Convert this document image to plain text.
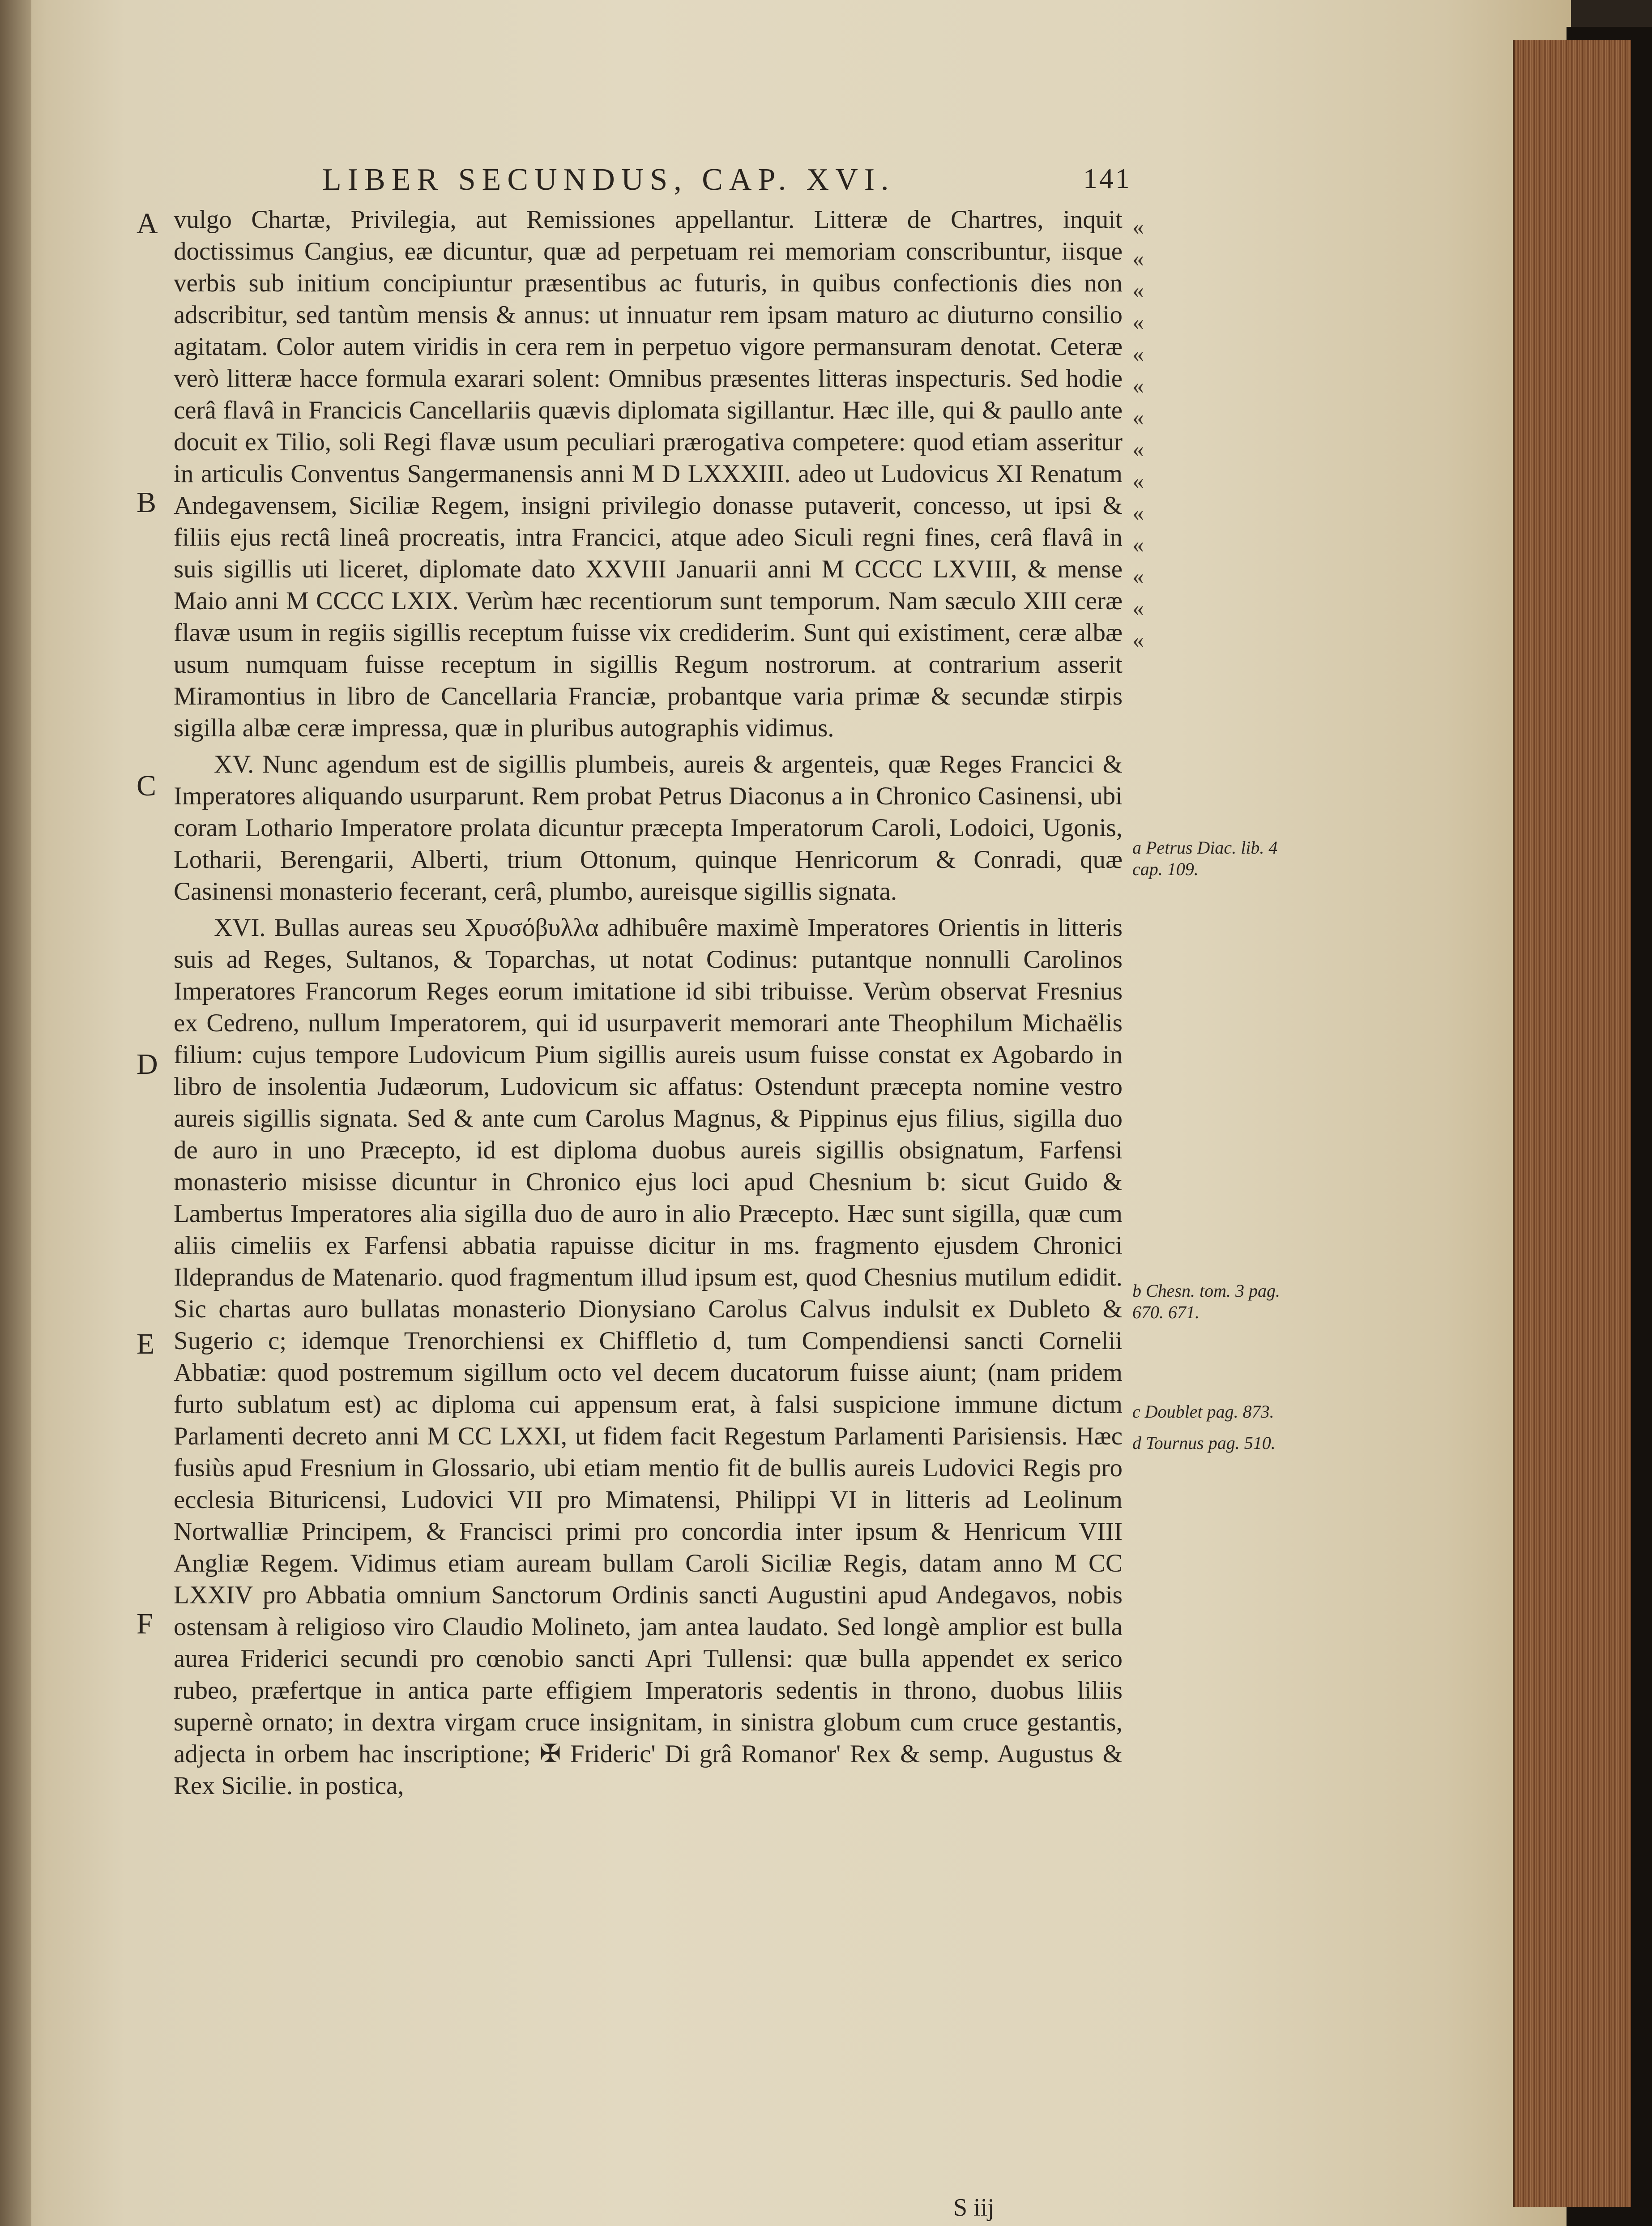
LIBER SECUNDUS, CAP. XVI.	141
A
B
C
D
E
F
«
«
«
«
«
«
«
«
«
«
«
«
«
«

vulgo Chartæ, Privilegia, aut Remissiones appellantur. Litteræ de Chartres, inquit doctissimus Cangius, eæ dicuntur, quæ ad perpetuam rei memoriam conscribuntur, iisque verbis sub initium concipiuntur præsentibus ac futuris, in quibus confectionis dies non adscribitur, sed tantùm mensis & annus: ut innuatur rem ipsam maturo ac diuturno consilio agitatam. Color autem viridis in cera rem in perpetuo vigore permansuram denotat. Ceteræ verò litteræ hacce formula exarari solent: Omnibus præsentes litteras inspecturis. Sed hodie cerâ flavâ in Francicis Cancellariis quævis diplomata sigillantur. Hæc ille, qui & paullo ante docuit ex Tilio, soli Regi flavæ usum peculiari prærogativa competere: quod etiam asseritur in articulis Conventus Sangermanensis anni M D LXXXIII. adeo ut Ludovicus XI Renatum Andegavensem, Siciliæ Regem, insigni privilegio donasse putaverit, concesso, ut ipsi & filiis ejus rectâ lineâ procreatis, intra Francici, atque adeo Siculi regni fines, cerâ flavâ in suis sigillis uti liceret, diplomate dato XXVIII Januarii anni M CCCC LXVIII, & mense Maio anni M CCCC LXIX. Verùm hæc recentiorum sunt temporum. Nam sæculo XIII ceræ flavæ usum in regiis sigillis receptum fuisse vix crediderim. Sunt qui existiment, ceræ albæ usum numquam fuisse receptum in sigillis Regum nostrorum. at contrarium asserit Miramontius in libro de Cancellaria Franciæ, probantque varia primæ & secundæ stirpis sigilla albæ ceræ impressa, quæ in pluribus autographis vidimus.

XV. Nunc agendum est de sigillis plumbeis, aureis & argenteis, quæ Reges Francici & Imperatores aliquando usurparunt. Rem probat Petrus Diaconus a in Chronico Casinensi, ubi coram Lothario Imperatore prolata dicuntur præcepta Imperatorum Caroli, Lodoici, Ugonis, Lotharii, Berengarii, Alberti, trium Ottonum, quinque Henricorum & Conradi, quæ Casinensi monasterio fecerant, cerâ, plumbo, aureisque sigillis signata.

XVI. Bullas aureas seu Χρυσόβυλλα adhibuêre maximè Imperatores Orientis in litteris suis ad Reges, Sultanos, & Toparchas, ut notat Codinus: putantque nonnulli Carolinos Imperatores Francorum Reges eorum imitatione id sibi tribuisse. Verùm observat Fresnius ex Cedreno, nullum Imperatorem, qui id usurpaverit memorari ante Theophilum Michaëlis filium: cujus tempore Ludovicum Pium sigillis aureis usum fuisse constat ex Agobardo in libro de insolentia Judæorum, Ludovicum sic affatus: Ostendunt præcepta nomine vestro aureis sigillis signata. Sed & ante cum Carolus Magnus, & Pippinus ejus filius, sigilla duo de auro in uno Præcepto, id est diploma duobus aureis sigillis obsignatum, Farfensi monasterio misisse dicuntur in Chronico ejus loci apud Chesnium b: sicut Guido & Lambertus Imperatores alia sigilla duo de auro in alio Præcepto. Hæc sunt sigilla, quæ cum aliis cimeliis ex Farfensi abbatia rapuisse dicitur in ms. fragmento ejusdem Chronici Ildeprandus de Matenario. quod fragmentum illud ipsum est, quod Chesnius mutilum edidit. Sic chartas auro bullatas monasterio Dionysiano Carolus Calvus indulsit ex Dubleto & Sugerio c; idemque Trenorchiensi ex Chiffletio d, tum Compendiensi sancti Cornelii Abbatiæ: quod postremum sigillum octo vel decem ducatorum fuisse aiunt; (nam pridem furto sublatum est) ac diploma cui appensum erat, à falsi suspicione immune dictum Parlamenti decreto anni M CC LXXI, ut fidem facit Regestum Parlamenti Parisiensis. Hæc fusiùs apud Fresnium in Glossario, ubi etiam mentio fit de bullis aureis Ludovici Regis pro ecclesia Bituricensi, Ludovici VII pro Mimatensi, Philippi VI in litteris ad Leolinum Nortwalliæ Principem, & Francisci primi pro concordia inter ipsum & Henricum VIII Angliæ Regem. Vidimus etiam auream bullam Caroli Siciliæ Regis, datam anno M CC LXXIV pro Abbatia omnium Sanctorum Ordinis sancti Augustini apud Andegavos, nobis ostensam à religioso viro Claudio Molineto, jam antea laudato. Sed longè amplior est bulla aurea Friderici secundi pro cœnobio sancti Apri Tullensi: quæ bulla appendet ex serico rubeo, præfertque in antica parte effigiem Imperatoris sedentis in throno, duobus liliis supernè ornato; in dextra virgam cruce insignitam, in sinistra globum cum cruce gestantis, adjecta in orbem hac inscriptione; ✠ Frideric' Di grâ Romanor' Rex & semp. Augustus & Rex Sicilie. in postica,

a Petrus Diac. lib. 4 cap. 109.
b Chesn. tom. 3 pag. 670. 671.
c Doublet pag. 873.
d Tournus pag. 510.
S iij
